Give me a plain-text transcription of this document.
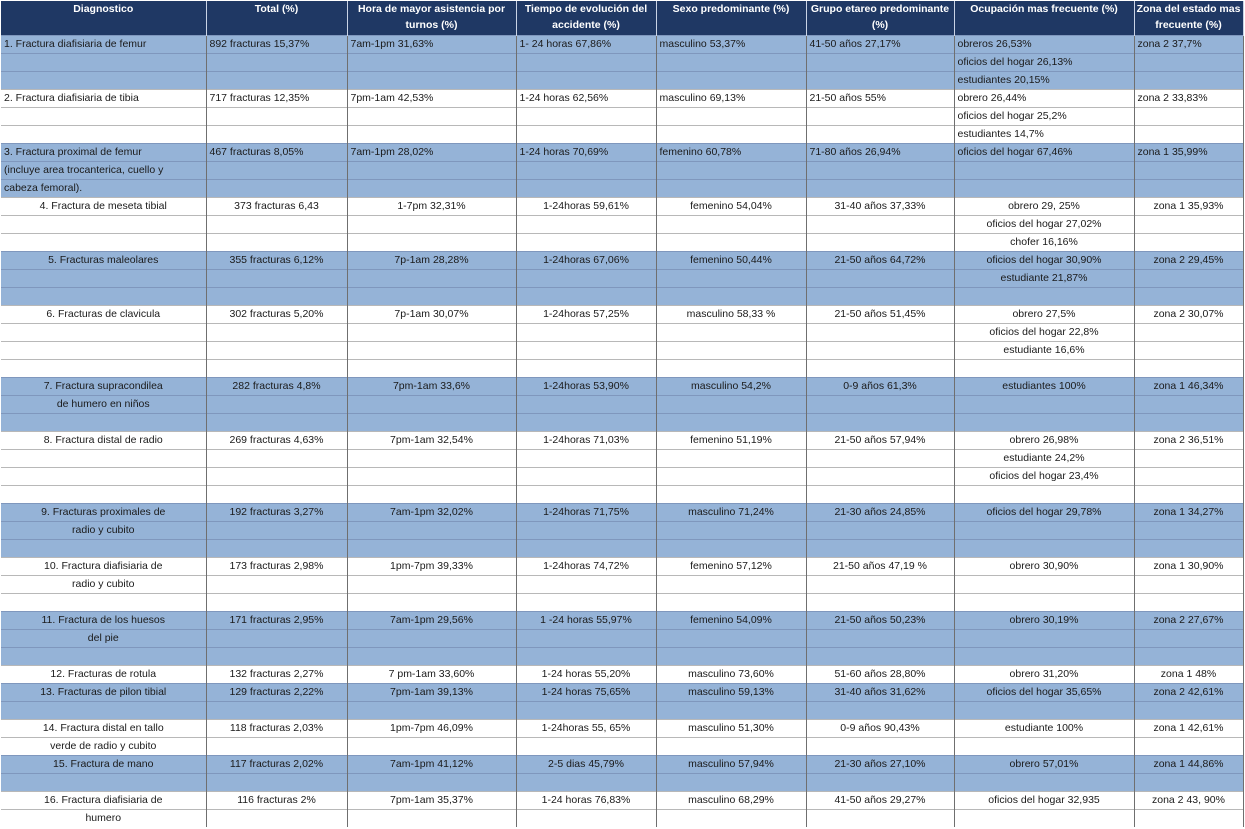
Diagnostico	Total (%)	Hora de mayor asistencia por turnos (%)	Tiempo de evolución del accidente (%)	Sexo predominante (%)	Grupo etareo predominante (%)	Ocupación mas frecuente (%)	Zona del estado mas frecuente (%)
1. Fractura diafisiaria de femur	892 fracturas 15,37%	7am-1pm 31,63%	1- 24 horas 67,86%	masculino 53,37%	41-50 años 27,17%	obreros 26,53%	zona 2 37,7%
						oficios del hogar 26,13%	
						estudiantes 20,15%	
2. Fractura diafisiaria de tibia	717 fracturas 12,35%	7pm-1am 42,53%	1-24 horas 62,56%	masculino 69,13%	21-50 años 55%	obrero 26,44%	zona 2 33,83%
						oficios del hogar 25,2%	
						estudiantes 14,7%	
3. Fractura proximal de femur	467 fracturas 8,05%	7am-1pm 28,02%	1-24 horas 70,69%	femenino 60,78%	71-80 años 26,94%	oficios del hogar 67,46%	zona 1 35,99%
(incluye area trocanterica, cuello y							
cabeza femoral).							
4. Fractura de meseta tibial	373 fracturas 6,43	1-7pm 32,31%	1-24horas 59,61%	femenino 54,04%	31-40 años 37,33%	obrero 29, 25%	zona 1 35,93%
						oficios del hogar 27,02%	
						chofer 16,16%	
5. Fracturas maleolares	355 fracturas 6,12%	7p-1am 28,28%	1-24horas 67,06%	femenino 50,44%	21-50 años 64,72%	oficios del hogar 30,90%	zona 2 29,45%
						estudiante 21,87%	

6. Fracturas de clavicula	302 fracturas 5,20%	7p-1am 30,07%	1-24horas 57,25%	masculino 58,33 %	21-50 años 51,45%	obrero 27,5%	zona 2 30,07%
						oficios del hogar 22,8%	
						estudiante 16,6%	

7. Fractura supracondilea	282 fracturas 4,8%	7pm-1am 33,6%	1-24horas 53,90%	masculino 54,2%	0-9 años 61,3%	estudiantes 100%	zona 1 46,34%
de humero en niños							

8. Fractura distal de radio	269 fracturas 4,63%	7pm-1am 32,54%	1-24horas 71,03%	femenino 51,19%	21-50 años 57,94%	obrero 26,98%	zona 2 36,51%
						estudiante 24,2%	
						oficios del hogar 23,4%	

9. Fracturas proximales de	192 fracturas 3,27%	7am-1pm 32,02%	1-24horas 71,75%	masculino 71,24%	21-30 años 24,85%	oficios del hogar 29,78%	zona 1 34,27%
radio y cubito							

10. Fractura diafisiaria de	173 fracturas 2,98%	1pm-7pm 39,33%	1-24horas 74,72%	femenino 57,12%	21-50 años 47,19 %	obrero 30,90%	zona 1 30,90%
radio y cubito							

11. Fractura de los huesos	171 fracturas 2,95%	7am-1pm 29,56%	1 -24 horas 55,97%	femenino 54,09%	21-50 años 50,23%	obrero 30,19%	zona 2 27,67%
del pie							

12. Fracturas de rotula	132 fracturas 2,27%	7 pm-1am 33,60%	1-24 horas 55,20%	masculino 73,60%	51-60 años 28,80%	obrero 31,20%	zona 1 48%
13. Fracturas de pilon tibial	129 fracturas 2,22%	7pm-1am 39,13%	1-24 horas 75,65%	masculino 59,13%	31-40 años 31,62%	oficios del hogar 35,65%	zona 2 42,61%

14. Fractura distal en tallo	118 fracturas 2,03%	1pm-7pm 46,09%	1-24horas 55, 65%	masculino 51,30%	0-9 años 90,43%	estudiante 100%	zona 1 42,61%
verde de radio y cubito							
15. Fractura de mano	117 fracturas 2,02%	7am-1pm 41,12%	2-5 dias 45,79%	masculino 57,94%	21-30 años 27,10%	obrero 57,01%	zona 1 44,86%

16. Fractura diafisiaria de	116 fracturas 2%	7pm-1am 35,37%	1-24 horas 76,83%	masculino 68,29%	41-50 años 29,27%	oficios del hogar 32,935	zona 2 43, 90%
humero							
